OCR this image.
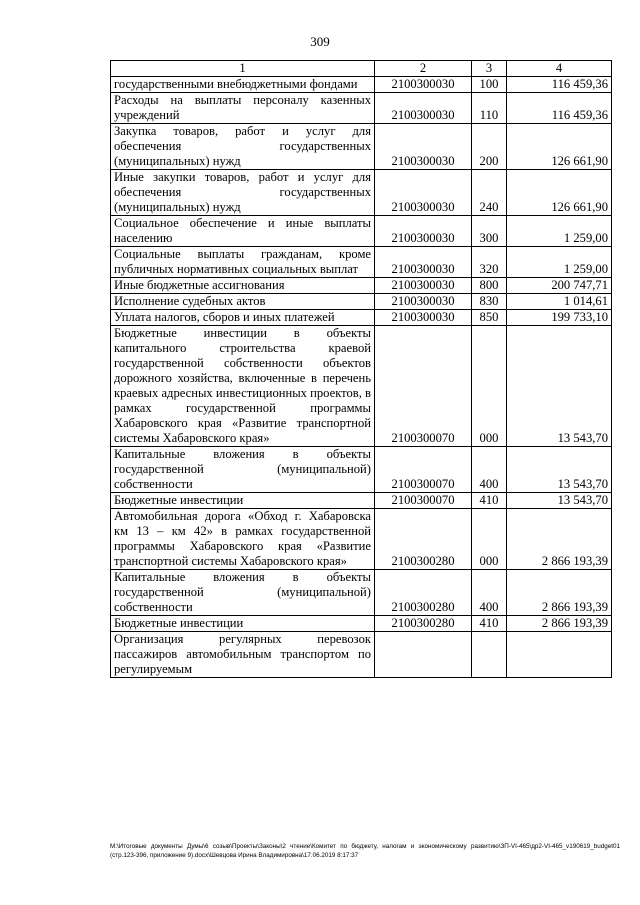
309
1	2	3	4
государственными внебюджетными фондами	2100300030	100	116 459,36
Расходы на выплаты персоналу казенных учреждений	2100300030	110	116 459,36
Закупка товаров, работ и услуг для обеспечения государственных (муниципальных) нужд	2100300030	200	126 661,90
Иные закупки товаров, работ и услуг для обеспечения государственных (муниципальных) нужд	2100300030	240	126 661,90
Социальное обеспечение и иные выплаты населению	2100300030	300	1 259,00
Социальные выплаты гражданам, кроме публичных нормативных социальных выплат	2100300030	320	1 259,00
Иные бюджетные ассигнования	2100300030	800	200 747,71
Исполнение судебных актов	2100300030	830	1 014,61
Уплата налогов, сборов и иных платежей	2100300030	850	199 733,10
Бюджетные инвестиции в объекты капитального строительства краевой государственной собственности объектов дорожного хозяйства, включенные в перечень краевых адресных инвестиционных проектов, в рамках государственной программы Хабаровского края «Развитие транспортной системы Хабаровского края»	2100300070	000	13 543,70
Капитальные вложения в объекты государственной (муниципальной) собственности	2100300070	400	13 543,70
Бюджетные инвестиции	2100300070	410	13 543,70
Автомобильная дорога «Обход г. Хабаровска км 13 – км 42» в рамках государственной программы Хабаровского края «Развитие транспортной системы Хабаровского края»	2100300280	000	2 866 193,39
Капитальные вложения в объекты государственной (муниципальной) собственности	2100300280	400	2 866 193,39
Бюджетные инвестиции	2100300280	410	2 866 193,39
Организация регулярных перевозок пассажиров автомобильным транспортом по регулируемым			
М:\Итоговые документы Думы\6 созыв\Проекты\Законы\2 чтение\Комитет по бюджету, налогам и экономическому развитию\ЗП-VI-465\др2-VI-465_v190619_budget01 (стр.123-396, приложение 9).docx\Шевцова Ирина Владимировна\17.06.2019 8:17:37
